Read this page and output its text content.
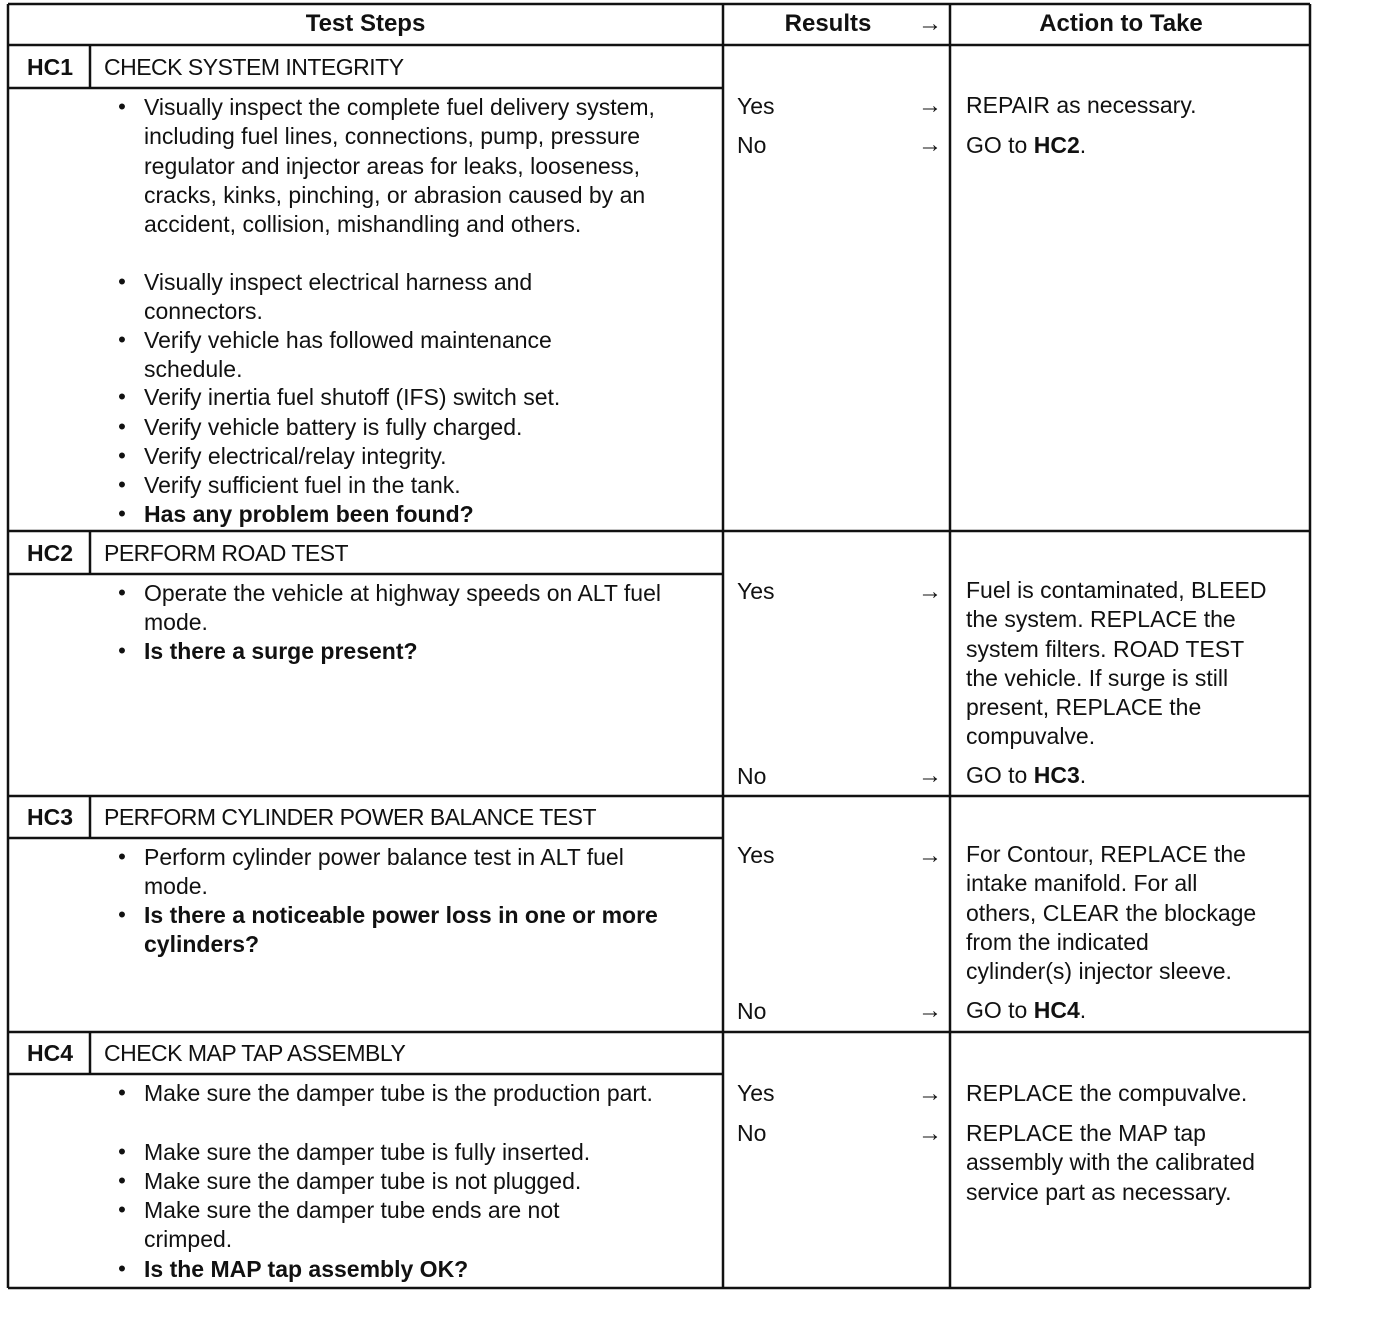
Test Steps	Results	→	Action to Take
HC1	CHECK SYSTEM INTEGRITY
• Visually inspect the complete fuel delivery system, including fuel lines, connections, pump, pressure regulator and injector areas for leaks, looseness, cracks, kinks, pinching, or abrasion caused by an accident, collision, mishandling and others.
• Visually inspect electrical harness and connectors.
• Verify vehicle has followed maintenance schedule.
• Verify inertia fuel shutoff (IFS) switch set.
• Verify vehicle battery is fully charged.
• Verify electrical/relay integrity.
• Verify sufficient fuel in the tank.
• Has any problem been found?
Yes	→ REPAIR as necessary.
No	→ GO to HC2.
HC2	PERFORM ROAD TEST
• Operate the vehicle at highway speeds on ALT fuel mode.
• Is there a surge present?
Yes	→ Fuel is contaminated, BLEED
the system. REPLACE the
system filters. ROAD TEST
the vehicle. If surge is still
present, REPLACE the
compuvalve.
No	→ GO to HC3.
HC3	PERFORM CYLINDER POWER BALANCE TEST
• Perform cylinder power balance test in ALT fuel mode.
• Is there a noticeable power loss in one or more cylinders?
Yes	→ For Contour, REPLACE the
intake manifold. For all
others, CLEAR the blockage
from the indicated
cylinder(s) injector sleeve.
No	→ GO to HC4.
HC4	CHECK MAP TAP ASSEMBLY
• Make sure the damper tube is the production part.
• Make sure the damper tube is fully inserted.
• Make sure the damper tube is not plugged.
• Make sure the damper tube ends are not crimped.
• Is the MAP tap assembly OK?
Yes	→ REPLACE the compuvalve.
No	→ REPLACE the MAP tap
assembly with the calibrated
service part as necessary.
